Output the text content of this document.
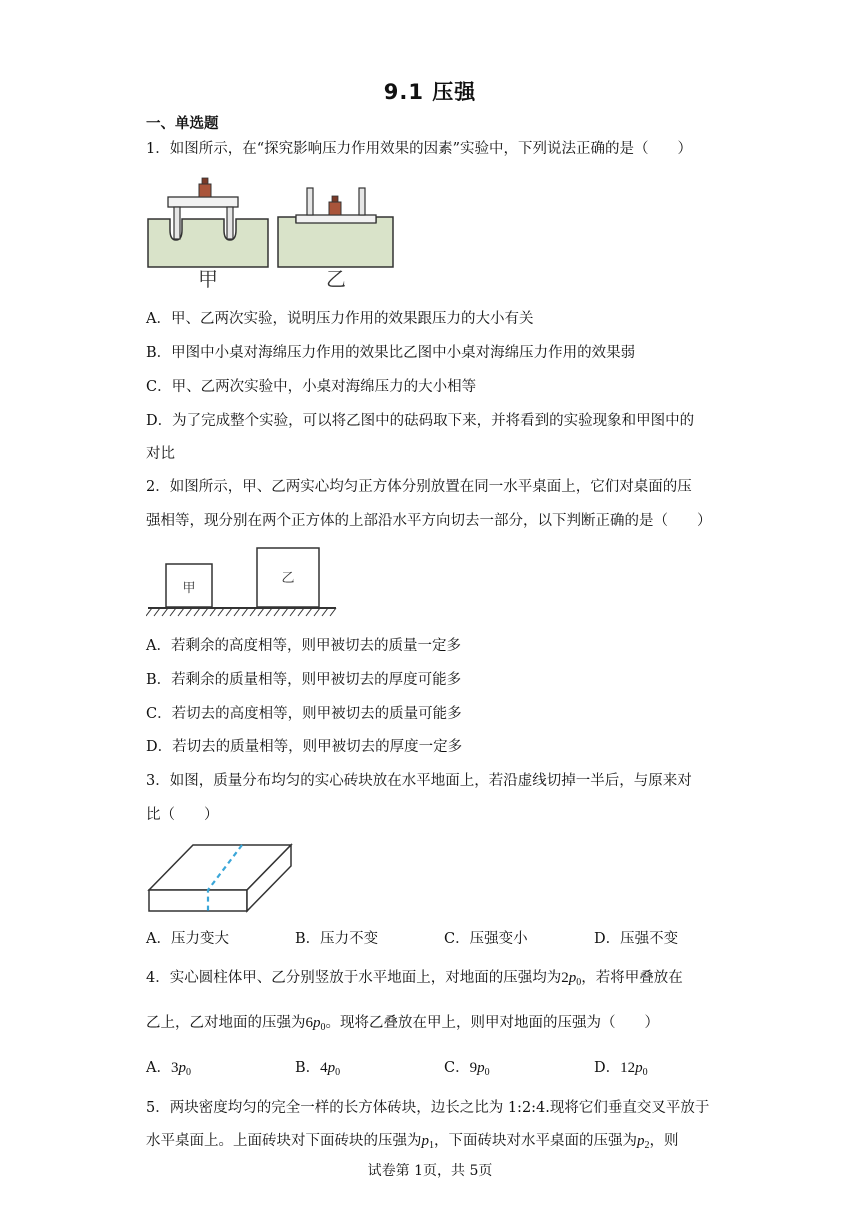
9.1 压强
一、单选题
1．如图所示，在“探究影响压力作用效果的因素”实验中，下列说法正确的是（　　）
甲	乙
A．甲、乙两次实验，说明压力作用的效果跟压力的大小有关
B．甲图中小桌对海绵压力作用的效果比乙图中小桌对海绵压力作用的效果弱
C．甲、乙两次实验中，小桌对海绵压力的大小相等
D．为了完成整个实验，可以将乙图中的砝码取下来，并将看到的实验现象和甲图中的
对比
2．如图所示，甲、乙两实心均匀正方体分别放置在同一水平桌面上，它们对桌面的压
强相等，现分别在两个正方体的上部沿水平方向切去一部分，以下判断正确的是（　　）
甲
乙
A．若剩余的高度相等，则甲被切去的质量一定多
B．若剩余的质量相等，则甲被切去的厚度可能多
C．若切去的高度相等，则甲被切去的质量可能多
D．若切去的质量相等，则甲被切去的厚度一定多
3．如图，质量分布均匀的实心砖块放在水平地面上，若沿虚线切掉一半后，与原来对
比（　　）
A．压力变大	B．压力不变	C．压强变小	D．压强不变
4．实心圆柱体甲、乙分别竖放于水平地面上，对地面的压强均为$2p_0$，若将甲叠放在
乙上，乙对地面的压强为$6p_0$。现将乙叠放在甲上，则甲对地面的压强为（　　）
A．$3p_0$	B．$4p_0$	C．$9p_0$	D．$12p_0$
5．两块密度均匀的完全一样的长方体砖块，边长之比为 1:2:4.现将它们垂直交叉平放于
水平桌面上。上面砖块对下面砖块的压强为$p_1$，下面砖块对水平桌面的压强为$p_2$，则
试卷第 1页，共 5页
